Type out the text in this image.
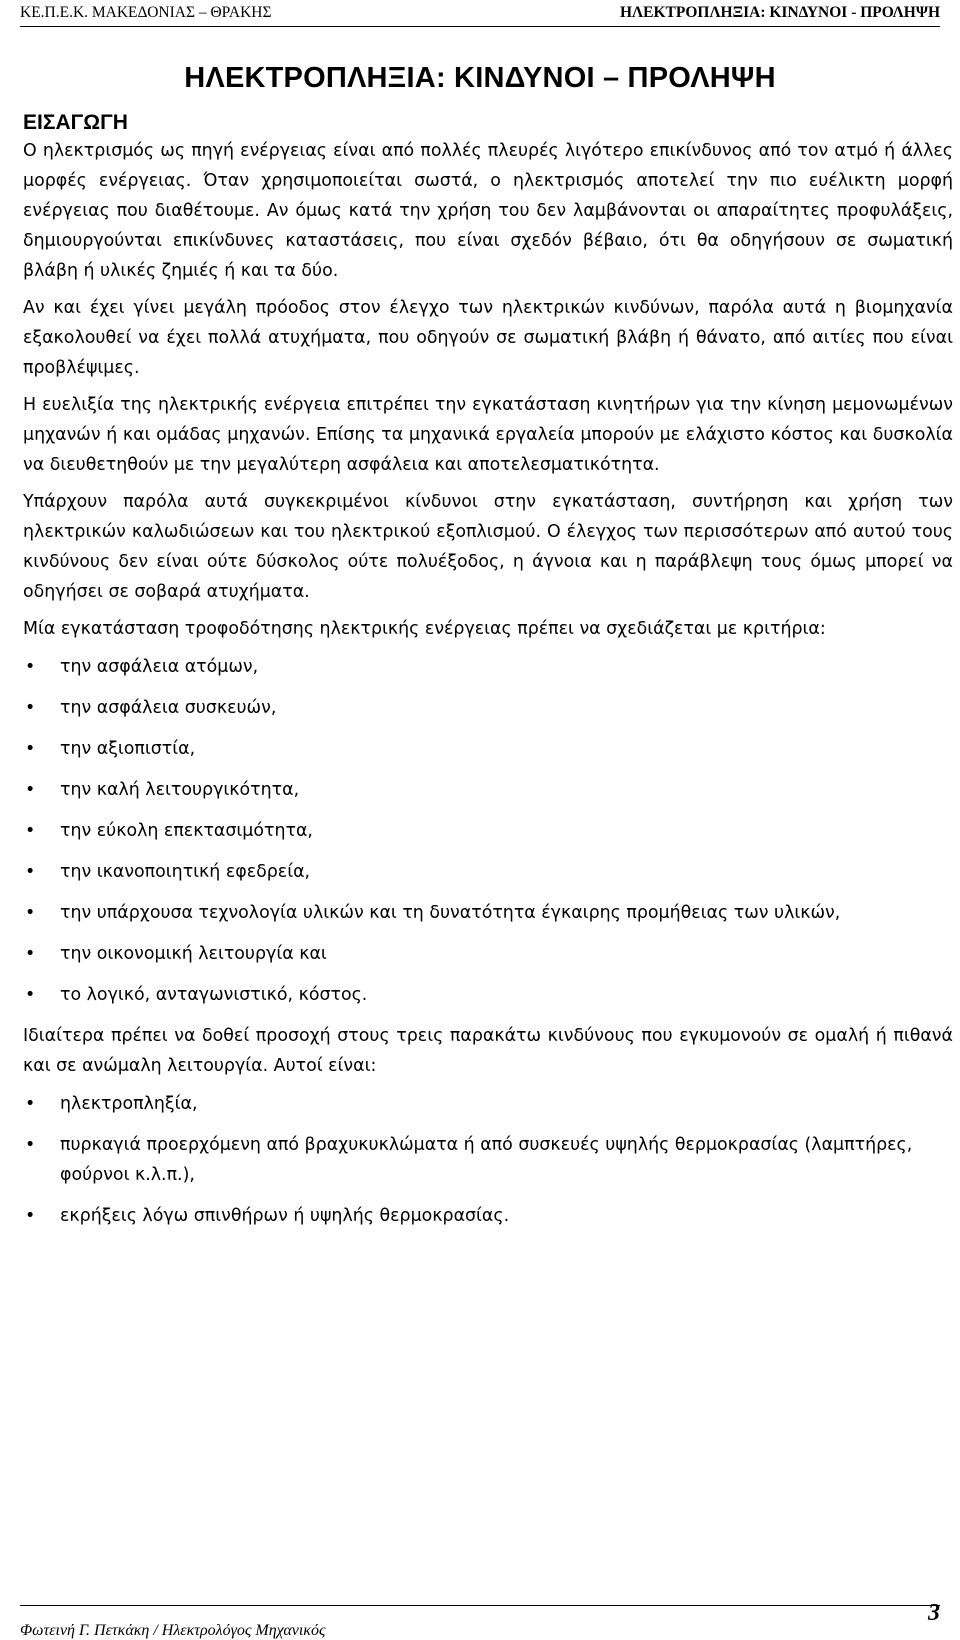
ΚΕ.Π.Ε.Κ. ΜΑΚΕΔΟΝΙΑΣ – ΘΡΑΚΗΣ	ΗΛΕΚΤΡΟΠΛΗΞΙΑ: ΚΙΝΔΥΝΟΙ - ΠΡΟΛΗΨΗ
ΗΛΕΚΤΡΟΠΛΗΞΙΑ: ΚΙΝΔΥΝΟΙ – ΠΡΟΛΗΨΗ
ΕΙΣΑΓΩΓΗ

Ο ηλεκτρισμός ως πηγή ενέργειας είναι από πολλές πλευρές λιγότερο επικίνδυνος από τον ατμό ή άλλες μορφές ενέργειας. Όταν χρησιμοποιείται σωστά, ο ηλεκτρισμός αποτελεί την πιο ευέλικτη μορφή ενέργειας που διαθέτουμε. Αν όμως κατά την χρήση του δεν λαμβάνονται οι απαραίτητες προφυλάξεις, δημιουργούνται επικίνδυνες καταστάσεις, που είναι σχεδόν βέβαιο, ότι θα οδηγήσουν σε σωματική βλάβη ή υλικές ζημιές ή και τα δύο.

Αν και έχει γίνει μεγάλη πρόοδος στον έλεγχο των ηλεκτρικών κινδύνων, παρόλα αυτά η βιομηχανία εξακολουθεί να έχει πολλά ατυχήματα, που οδηγούν σε σωματική βλάβη ή θάνατο, από αιτίες που είναι προβλέψιμες.

Η ευελιξία της ηλεκτρικής ενέργεια επιτρέπει την εγκατάσταση κινητήρων για την κίνηση μεμονωμένων μηχανών ή και ομάδας μηχανών. Επίσης τα μηχανικά εργαλεία μπορούν με ελάχιστο κόστος και δυσκολία να διευθετηθούν με την μεγαλύτερη ασφάλεια και αποτελεσματικότητα.

Υπάρχουν παρόλα αυτά συγκεκριμένοι κίνδυνοι στην εγκατάσταση, συντήρηση και χρήση των ηλεκτρικών καλωδιώσεων και του ηλεκτρικού εξοπλισμού. Ο έλεγχος των περισσότερων από αυτού τους κινδύνους δεν είναι ούτε δύσκολος ούτε πολυέξοδος, η άγνοια και η παράβλεψη τους όμως μπορεί να οδηγήσει σε σοβαρά ατυχήματα.

Μία εγκατάσταση τροφοδότησης ηλεκτρικής ενέργειας πρέπει να σχεδιάζεται με κριτήρια:

• την ασφάλεια ατόμων,
• την ασφάλεια συσκευών,
• την αξιοπιστία,
• την καλή λειτουργικότητα,
• την εύκολη επεκτασιμότητα,
• την ικανοποιητική εφεδρεία,
• την υπάρχουσα τεχνολογία υλικών και τη δυνατότητα έγκαιρης προμήθειας των υλικών,
• την οικονομική λειτουργία και
• το λογικό, ανταγωνιστικό, κόστος.

Ιδιαίτερα πρέπει να δοθεί προσοχή στους τρεις παρακάτω κινδύνους που εγκυμονούν σε ομαλή ή πιθανά και σε ανώμαλη λειτουργία. Αυτοί είναι:

• ηλεκτροπληξία,
• πυρκαγιά προερχόμενη από βραχυκυκλώματα ή από συσκευές υψηλής θερμοκρασίας (λαμπτήρες, φούρνοι κ.λ.π.),
• εκρήξεις λόγω σπινθήρων ή υψηλής θερμοκρασίας.
Φωτεινή Γ. Πετκάκη / Ηλεκτρολόγος Μηχανικός
3
